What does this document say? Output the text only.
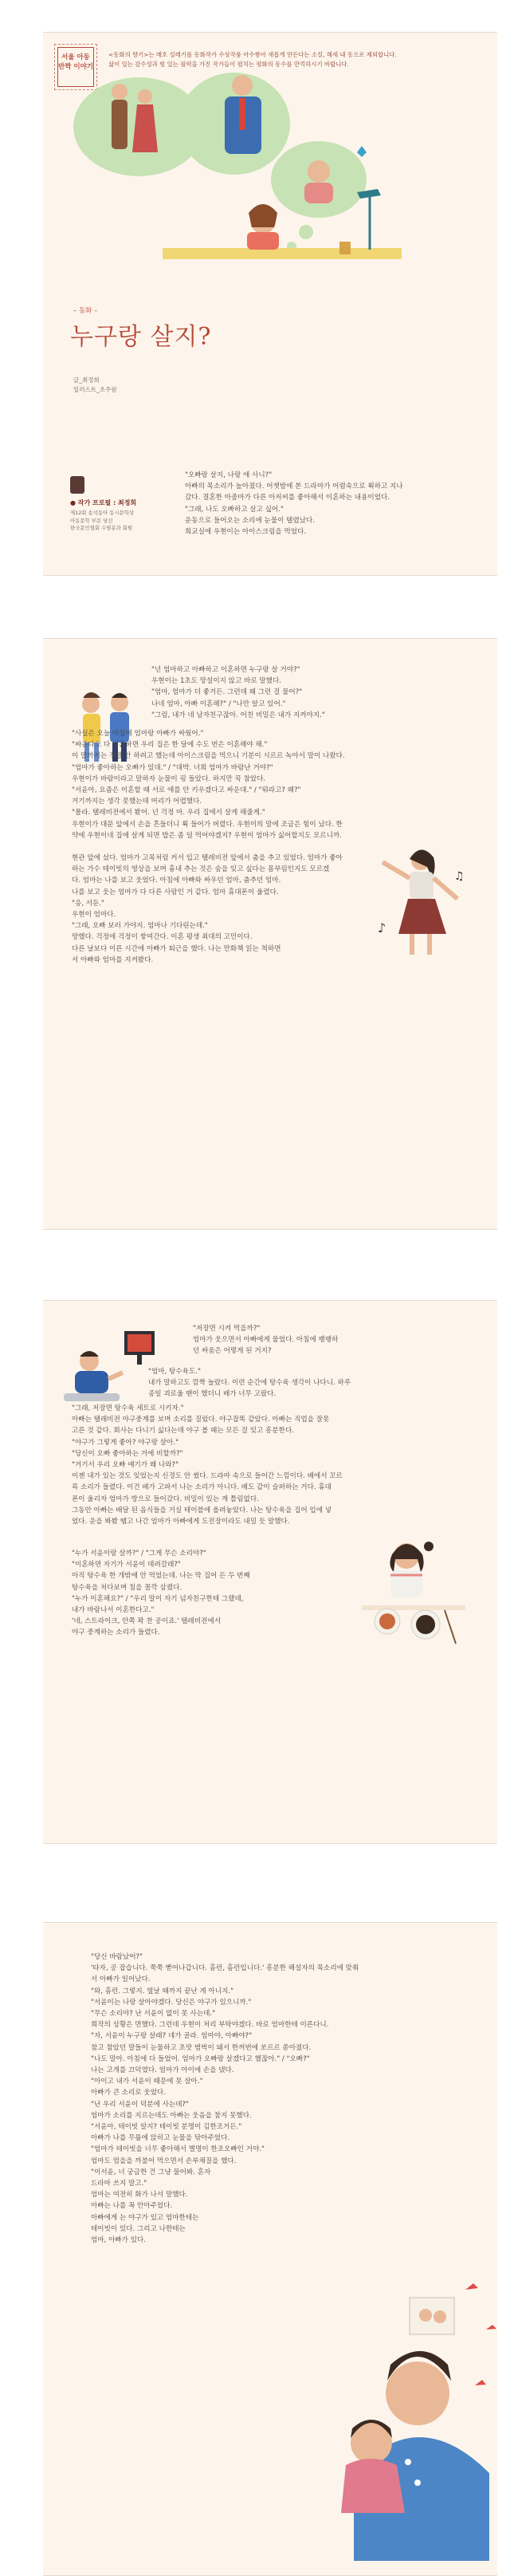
서울 아동 반짝 이야기

<동화의 향기>는 매호 설레기를 동화작가 수상작품 아수쌓아 새롭게 만든다는 소설, 해세 내 동으로 제외합니다.

삶이 있는 감수성과 힘 있는 필력을 가진 작가들이 펼치는 평화의 동수를 만끽하시기 바랍니다.

– 동화 –
누구랑 살지?

글_최정희

일러스트_조주원

● 작가 프로필 : 최정희

제12회 송석동아 동시문학상

아동문학 부문 당선

한국문인협회 수필분과 회원

"오빠랑 살지, 나랑 애 사니?"

아빠의 목소리가 높아졌다. 어젯밤에 본 드라마가 어렴속으로 휙하고 지나

갔다. 결혼한 아줌마가 다른 아저씨를 좋아해서 이혼하는 내용이었다.

"그래, 나도 오빠하고 살고 싶어."

운동으로 들어오는 소리에 눈물이 텔렸났다.

희교실에 우현이는 아이스크림을 먹었다.

"넌 엄마하고 아빠하고 이혼하면 누구랑 살 거야?"

우현이는 1초도 망설이지 않고 바로 말했다.

"엄마, 엄마가 더 좋거든. 그런데 왜 그런 걸 물어?"

나네 엄마, 아빠 이혼해?" / "나만 알고 있어."

"그럼, 내가 네 남자친구잖아. 어친 비밀은 내가 지켜야지."

"사실은 오늘 아침에 엄마랑 아빠가 싸웠어."

"싸운다고 다 이혼하면 우리 집은 한 달에 수도 번은 이혼해야 해."

이 말까지는 정말 안 하려고 했는데 아이스크림을 먹으니 기분이 시르르 녹아서 말이 나왔다.

"엄마가 좋아하는 오빠가 있대." / "대박. 너희 엄마가 바람난 거야?"

우현이가 바람이라고 말하자 눈물이 핑 돌았다. 하지만 꾹 참았다.

"서윤아, 요즘은 이혼할 때 서로 애를 안 키우겠다고 싸운대." / "뭐라고? 왜?"

거기까지는 생각 못했는데 머리가 어렵했다.

"몰라. 텔레비전에서 봤어. 넌 걱정 마. 우리 집에서 살게 해줄게."

우현이가 대문 앞에서 손을 흔들더니 휙 들어가 버렸다. 우현이의 말에 조금은 힘이 났다. 한

약에 우현이네 집에 살게 되면 밥은 좀 덜 먹어야겠지? 우현이 엄마가 싫어할지도 모르니까.

현관 앞에 섰다. 엄마가 고목처럼 커서 입고 텔레비전 앞에서 춤을 추고 있었다. 엄마가 좋아

하는 가수 테이빗의 영상을 보며 흉내 추는 것은 숨을 잊고 싶다는 몸부림인지도 모르겠

다. 엄마는 나를 보고 웃었다. 아침에 아빠와 싸우던 엄마, 춤추던 엄마.

나를 보고 웃는 엄마가 다 다른 사람인 거 같다. 엄마 휴대폰이 울렸다.

"응, 서둔."

우현이 엄마다.

"그래, 오빠 보러 가야지. 엄마나 기다린는데."

망했다. 걱정에 걱정이 쌓여간다. 이혼 평생 최대의 고민이다.

다른 날보다 이른 시간에 아빠가 퇴근을 했다. 나는 만화책 읽는 척하면

서 아빠와 엄마를 지켜봤다.

♪
♫

"저장면 시켜 먹을까?"

엄마가 웃으면서 아빠에게 물었다. 아침에 팽팽하

던 싸움은 어떻게 된 거지?

"엄마, 탕수육도."

내가 말하고도 깜짝 놀랐다. 이런 순간에 탕수육 생각이 나다니. 하루

종일 괴로울 땐이 했더니 배가 너무 고팠다.

"그래, 저장면 탕수육 세트로 시키자."

아빠는 텔레비전 야구중계를 보며 소리를 질렀다. 야구잡똑 같았다. 아빠는 직업을 잘못

고른 것 같다. 회사는 다니기 싫다는데 야구 볼 때는 모든 걸 잊고 흥분한다.

"야구가 그렇게 좋아? 야구랑 살아."

"당신이 오빠 좋아하는 거에 비할까?"

"거기서 우리 오빠 얘기가 왜 나와?"

이젠 내가 있는 것도 잊었는지 신경도 안 썼다. 드라마 속으로 들어간 느낌이다. 배에서 꼬르

륵 소리가 들렸다. 이건 배가 고파서 나는 소리가 아니다. 배도 같이 슬퍼하는 거다. 휴대

폰이 울리자 엄마가 방으로 들어갔다. 비밀이 있는 게 틀림없다.

그동안 아빠는 배달 된 음식들을 거실 테이블에 올려놓았다. 나는 탕수육을 집어 입에 넣

었다. 운을 봐봤 땜고 나간 엄마가 아빠에게 도전장이라도 내밀 듯 말했다.

"누가 서윤이랑 살까?" / "그게 무슨 소리야?"

"이혼하면 자기가 서윤이 데려갈래?"

아직 탕수육 한 개밖에 안 먹었는데. 나는 막 집어 든 두 번째

탕수육을 처다보며 침을 꼴깍 삼켰다.

"누가 이혼해요?" / "우리 말이 자기 넘자친구한테 그랬데,

내가 바람나서 이혼한다고."

'네, 스트라이크, 안쪽 꽉 찬 공이죠.' 텔레비전에서

야구 중계하는 소리가 들렸다.

"당신 바람났어?"

'타자, 공 잡습니다. 쭉쭉 뻗어나갑니다. 홈런, 홈런입니다.' 흥분한 해설자의 목소리에 맞춰

서 아빠가 일어났다.

"와, 홈런. 그렇지. 옆날 때까지 끝난 게 아니지."

"서윤이는 나랑 살아야겠다. 당신은 야구가 있으니까."

"무슨 소리야? 난 서윤이 없이 못 사는데."

희작의 상황은 면했다. 그런데 우현이 처리 부탁야겠다. 바로 엄마한테 이른다니.

"자, 서윤이 누구랑 살래? 네가 골라. 엄마야, 아빠야?"

참고 참았던 말들이 눈물하고 초맛 범벅이 돼서 한꺼번에 쏘르르 쏟아졌다.

"나도 말아. 아침에 다 들었어. 엄마가 오빠랑 살겠다고 했잖아." / "오빠?"

나는 고개를 끄덕였다. 엄마가 아이에 손을 댔다.

"아이고 내가 서윤이 때문에 못 살아."

아빠가 큰 소리로 웃었다.

"난 우리 서윤이 덕분에 사는데?"

엄마가 소리를 지르는데도 아빠는 웃음을 참지 못했다.

"서윤아, 테이빗 알지? 테이빗 분명이 김한조거든."

아빠가 나를 무릎에 앉히고 눈물을 닦아주었다.

"엄마가 테이빗을 너무 좋아해서 별명이 한조오빠인 거야."

엄마도 멈을을 까불어 먹으면서 손부채질을 했다.

"이서윤, 너 궁금한 건 그냥 물어봐. 혼자

드라마 쓰지 말고."

엄마는 여전히 화가 나서 말했다.

아빠는 나를 꼭 안아주었다.

아빠에게 는 야구가 있고 엄마한테는

테이빗이 있다. 그리고 나한테는

엄마, 아빠가 있다.
